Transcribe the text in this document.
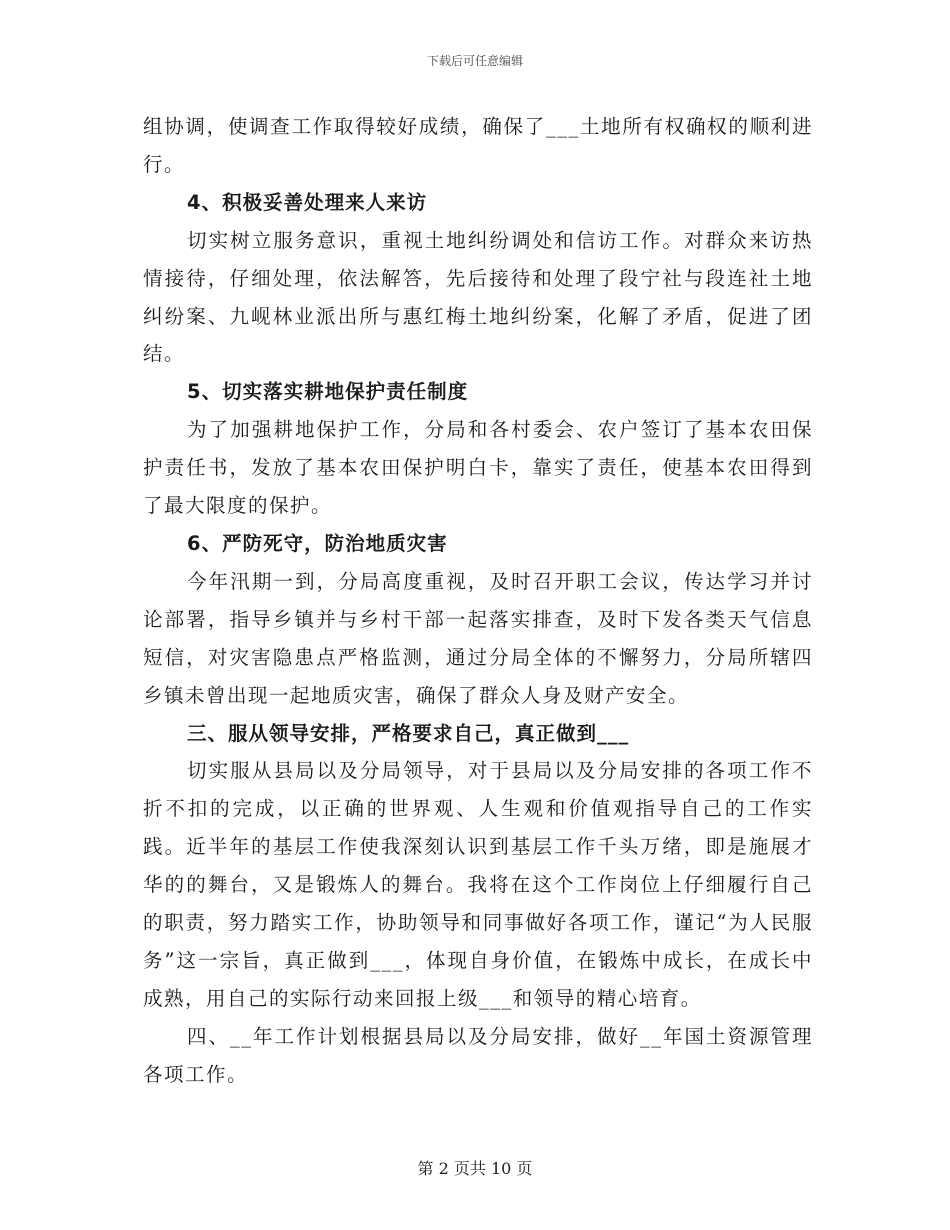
下载后可任意编辑

组协调，使调查工作取得较好成绩，确保了___土地所有权确权的顺利进行。

4、积极妥善处理来人来访

切实树立服务意识，重视土地纠纷调处和信访工作。对群众来访热情接待，仔细处理，依法解答，先后接待和处理了段宁社与段连社土地纠纷案、九岘林业派出所与惠红梅土地纠纷案，化解了矛盾，促进了团结。

5、切实落实耕地保护责任制度

为了加强耕地保护工作，分局和各村委会、农户签订了基本农田保护责任书，发放了基本农田保护明白卡，靠实了责任，使基本农田得到了最大限度的保护。

6、严防死守，防治地质灾害

今年汛期一到，分局高度重视，及时召开职工会议，传达学习并讨论部署，指导乡镇并与乡村干部一起落实排查，及时下发各类天气信息短信，对灾害隐患点严格监测，通过分局全体的不懈努力，分局所辖四乡镇未曾出现一起地质灾害，确保了群众人身及财产安全。

三、服从领导安排，严格要求自己，真正做到___

切实服从县局以及分局领导，对于县局以及分局安排的各项工作不折不扣的完成，以正确的世界观、人生观和价值观指导自己的工作实践。近半年的基层工作使我深刻认识到基层工作千头万绪，即是施展才华的的舞台，又是锻炼人的舞台。我将在这个工作岗位上仔细履行自己的职责，努力踏实工作，协助领导和同事做好各项工作，谨记“为人民服务”这一宗旨，真正做到___，体现自身价值，在锻炼中成长，在成长中成熟，用自己的实际行动来回报上级___和领导的精心培育。

四、__年工作计划根据县局以及分局安排，做好__年国土资源管理各项工作。

第 2 页共 10 页
